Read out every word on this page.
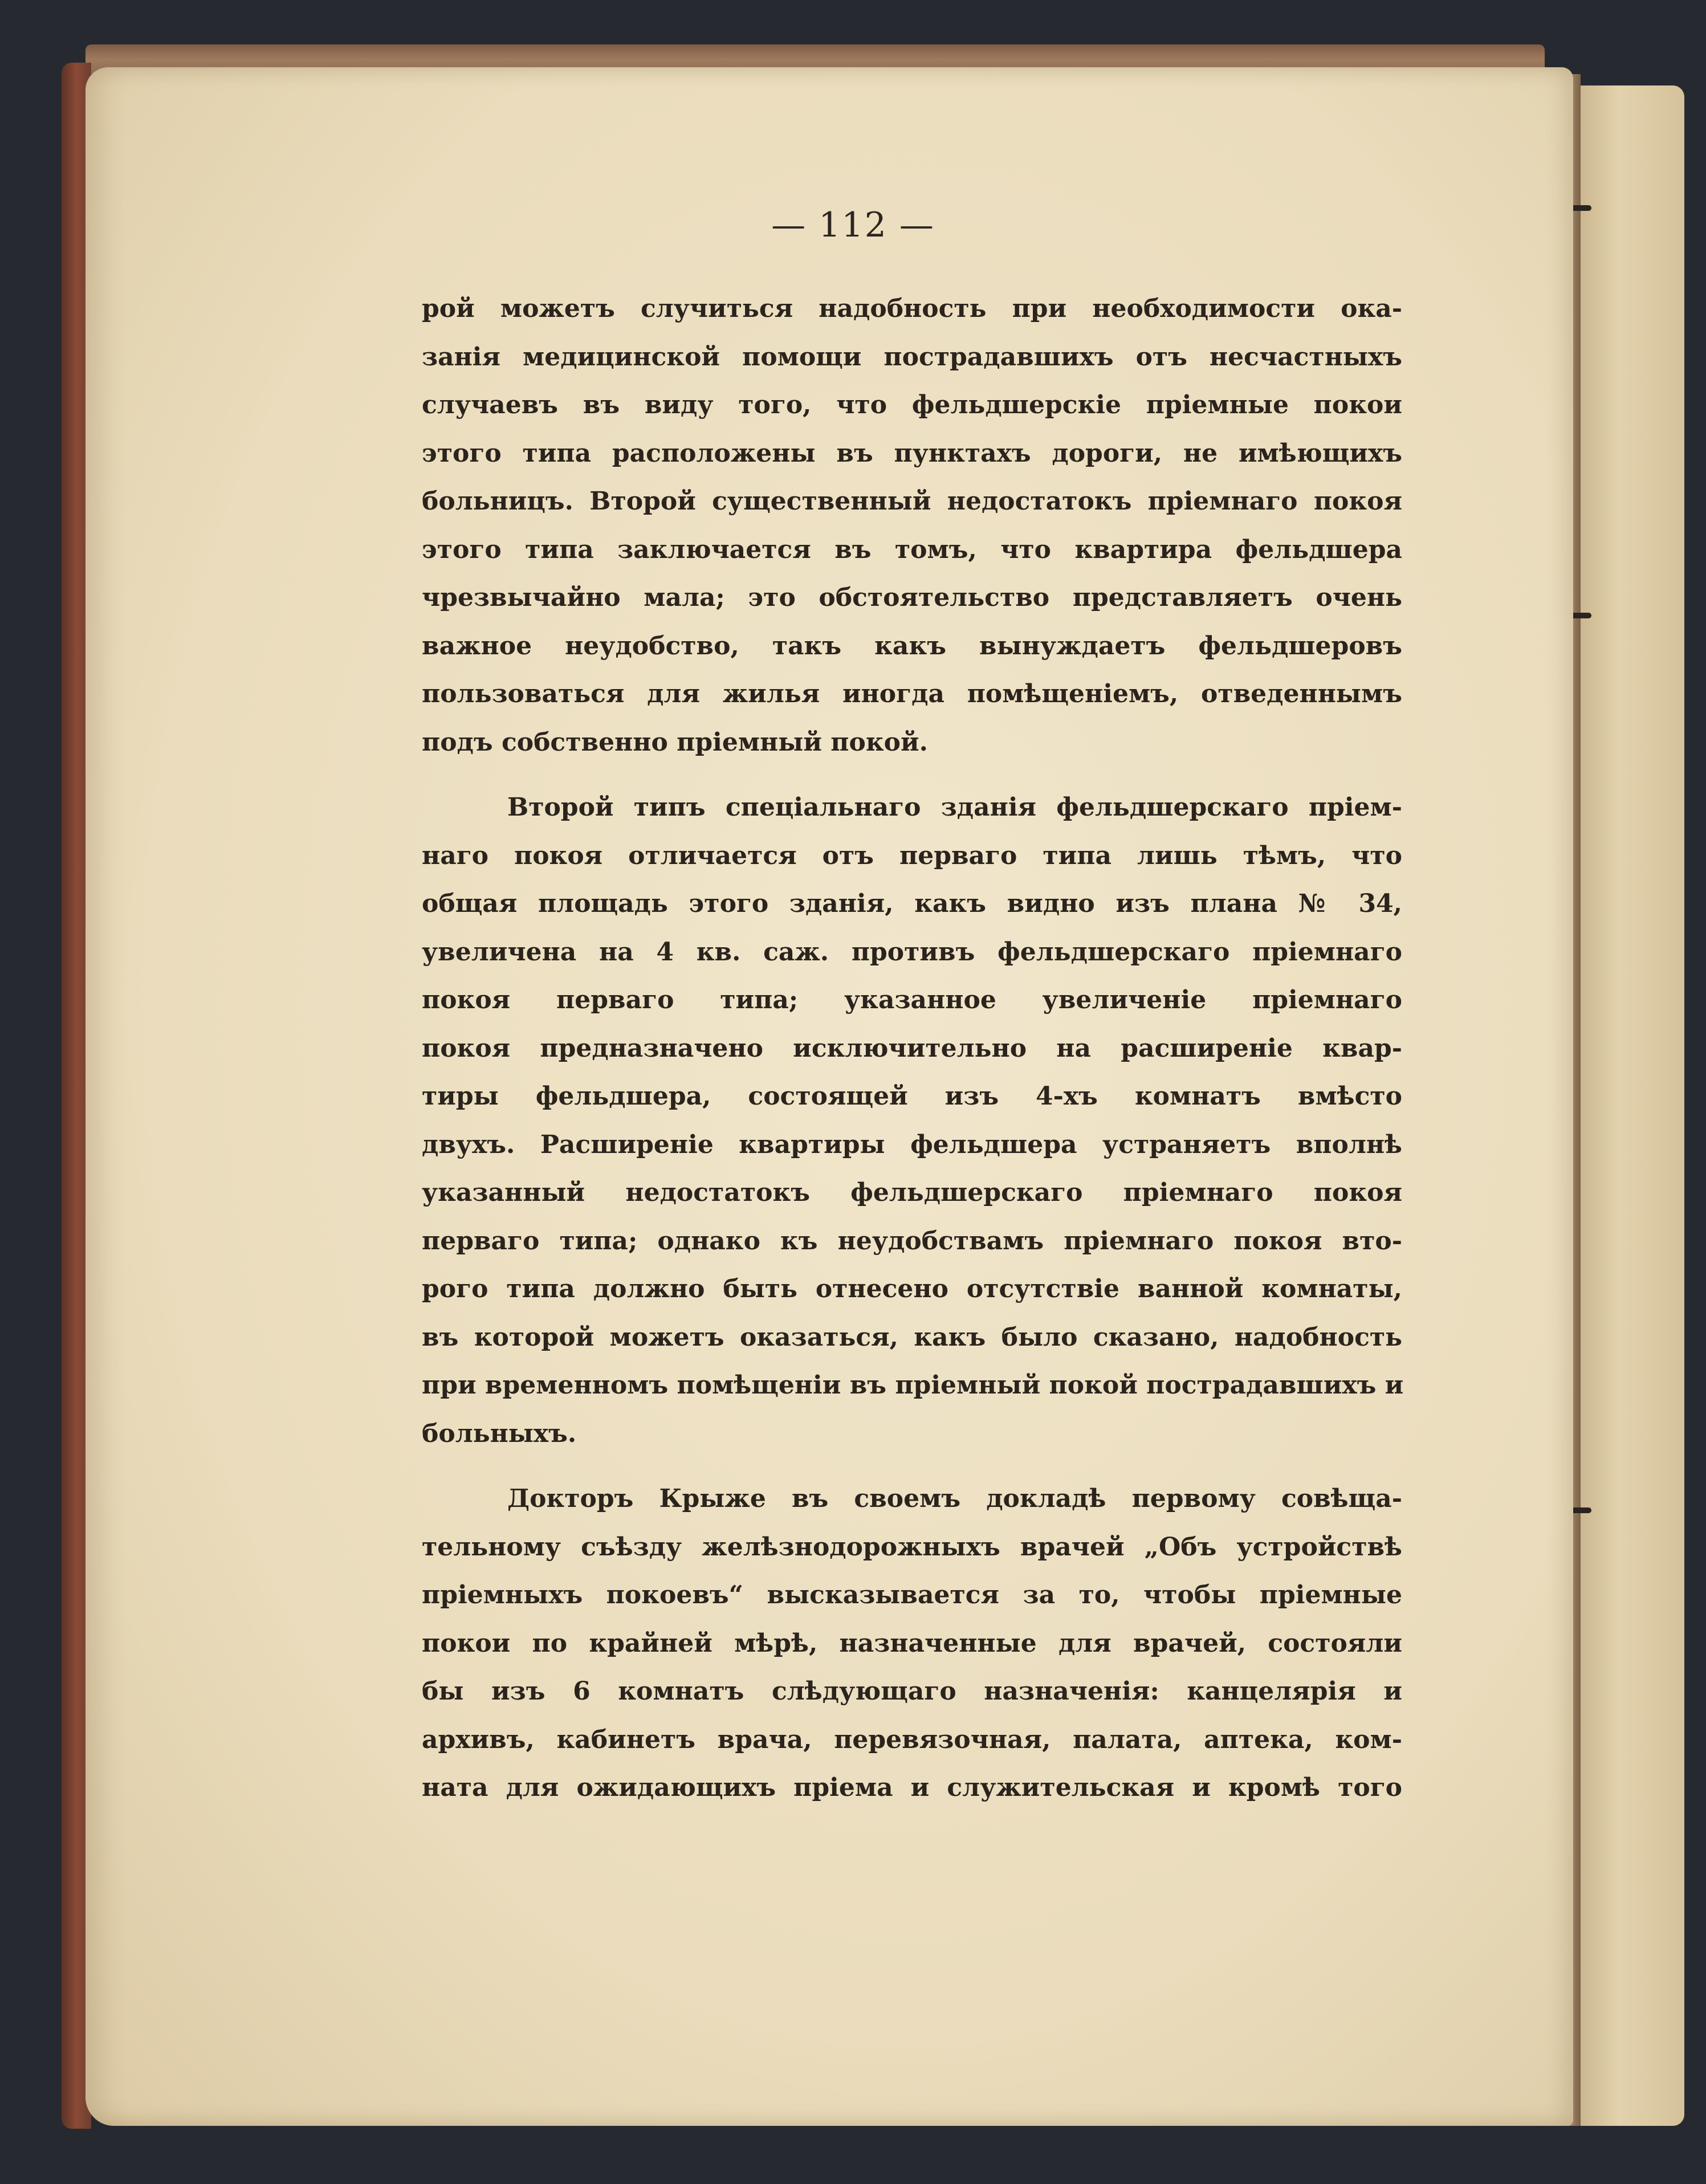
— 112 —
рой можетъ случиться надобность при необходимости ока-
занія медицинской помощи пострадавшихъ отъ несчастныхъ
случаевъ въ виду того, что фельдшерскіе пріемные покои
этого типа расположены въ пунктахъ дороги, не имѣющихъ
больницъ. Второй существенный недостатокъ пріемнаго покоя
этого типа заключается въ томъ, что квартира фельдшера
чрезвычайно мала; это обстоятельство представляетъ очень
важное неудобство, такъ какъ вынуждаетъ фельдшеровъ
пользоваться для жилья иногда помѣщеніемъ, отведеннымъ
подъ собственно пріемный покой.
Второй типъ спеціальнаго зданія фельдшерскаго пріем-
наго покоя отличается отъ перваго типа лишь тѣмъ, что
общая площадь этого зданія, какъ видно изъ плана № 34,
увеличена на 4 кв. саж. противъ фельдшерскаго пріемнаго
покоя перваго типа; указанное увеличеніе пріемнаго
покоя предназначено исключительно на расширеніе квар-
тиры фельдшера, состоящей изъ 4-хъ комнатъ вмѣсто
двухъ. Расширеніе квартиры фельдшера устраняетъ вполнѣ
указанный недостатокъ фельдшерскаго пріемнаго покоя
перваго типа; однако къ неудобствамъ пріемнаго покоя вто-
рого типа должно быть отнесено отсутствіе ванной комнаты,
въ которой можетъ оказаться, какъ было сказано, надобность
при временномъ помѣщеніи въ пріемный покой пострадавшихъ и
больныхъ.
Докторъ Крыже въ своемъ докладѣ первому совѣща-
тельному съѣзду желѣзнодорожныхъ врачей „Объ устройствѣ
пріемныхъ покоевъ“ высказывается за то, чтобы пріемные
покои по крайней мѣрѣ, назначенные для врачей, состояли
бы изъ 6 комнатъ слѣдующаго назначенія: канцелярія и
архивъ, кабинетъ врача, перевязочная, палата, аптека, ком-
ната для ожидающихъ пріема и служительская и кромѣ того
